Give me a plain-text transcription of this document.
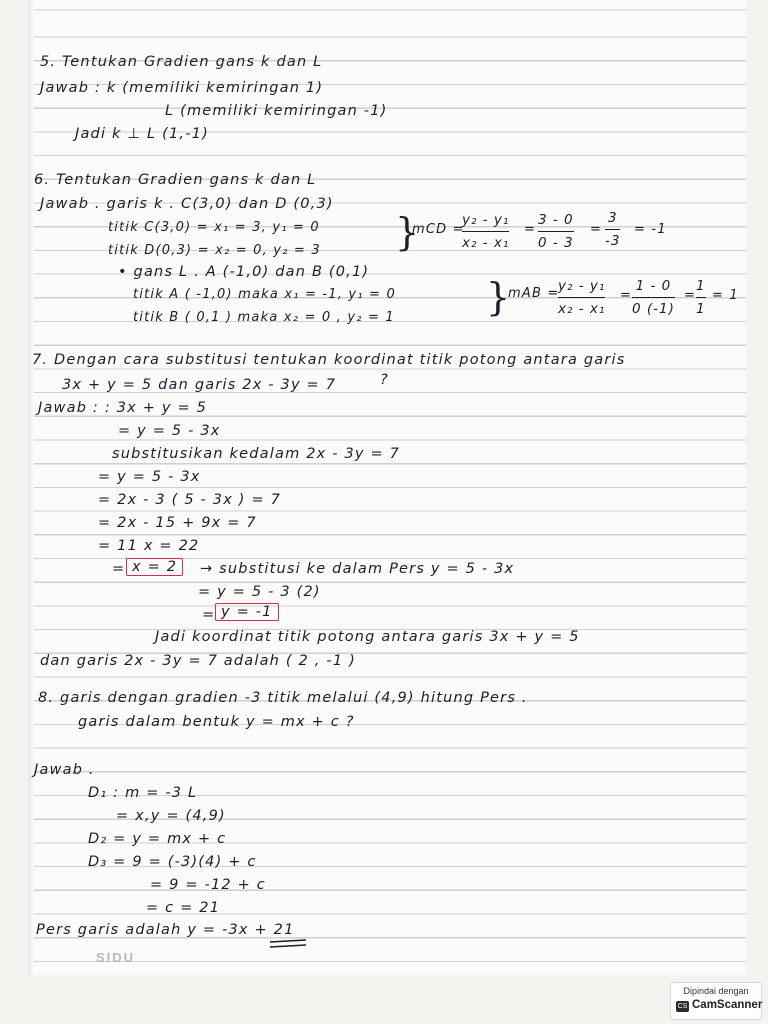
5. Tentukan Gradien gans k dan L
Jawab : k (memiliki kemiringan 1)
L (memiliki kemiringan -1)
Jadi k ⊥ L (1,-1)
6. Tentukan Gradien gans k dan L
Jawab . garis k . C(3,0) dan D (0,3)
titik C(3,0) = x₁ = 3, y₁ = 0
titik D(0,3) = x₂ = 0, y₂ = 3 }
mCD =
y₂ - y₁
x₂ - x₁
=
3 - 0
0 - 3
=
3
-3
= -1
• gans L . A (-1,0) dan B (0,1)
titik A ( -1,0) maka x₁ = -1, y₁ = 0
titik B ( 0,1 ) maka x₂ = 0 , y₂ = 1 }
mAB =
y₂ - y₁
x₂ - x₁
=
1 - 0
0 (-1)
=
1
1
= 1
7. Dengan cara substitusi tentukan koordinat titik potong antara garis
3x + y = 5 dan garis 2x - 3y = 7	?
Jawab : : 3x + y = 5
= y = 5 - 3x
substitusikan kedalam 2x - 3y = 7
= y = 5 - 3x
= 2x - 3 ( 5 - 3x ) = 7
= 2x - 15 + 9x = 7
= 11 x = 22
= x = 2	→ substitusi ke dalam Pers y = 5 - 3x
= y = 5 - 3 (2)
= y = -1
Jadi koordinat titik potong antara garis 3x + y = 5
dan garis 2x - 3y = 7 adalah ( 2 , -1 )
8. garis dengan gradien -3 titik melalui (4,9) hitung Pers .
garis dalam bentuk y = mx + c ?
Jawab .
D₁ : m = -3 L
= x,y = (4,9)
D₂ = y = mx + c
D₃ = 9 = (-3)(4) + c
= 9 = -12 + c
= c = 21
Pers garis adalah y = -3x + 21
SIDU
Dipindai dengan
CS CamScanner
